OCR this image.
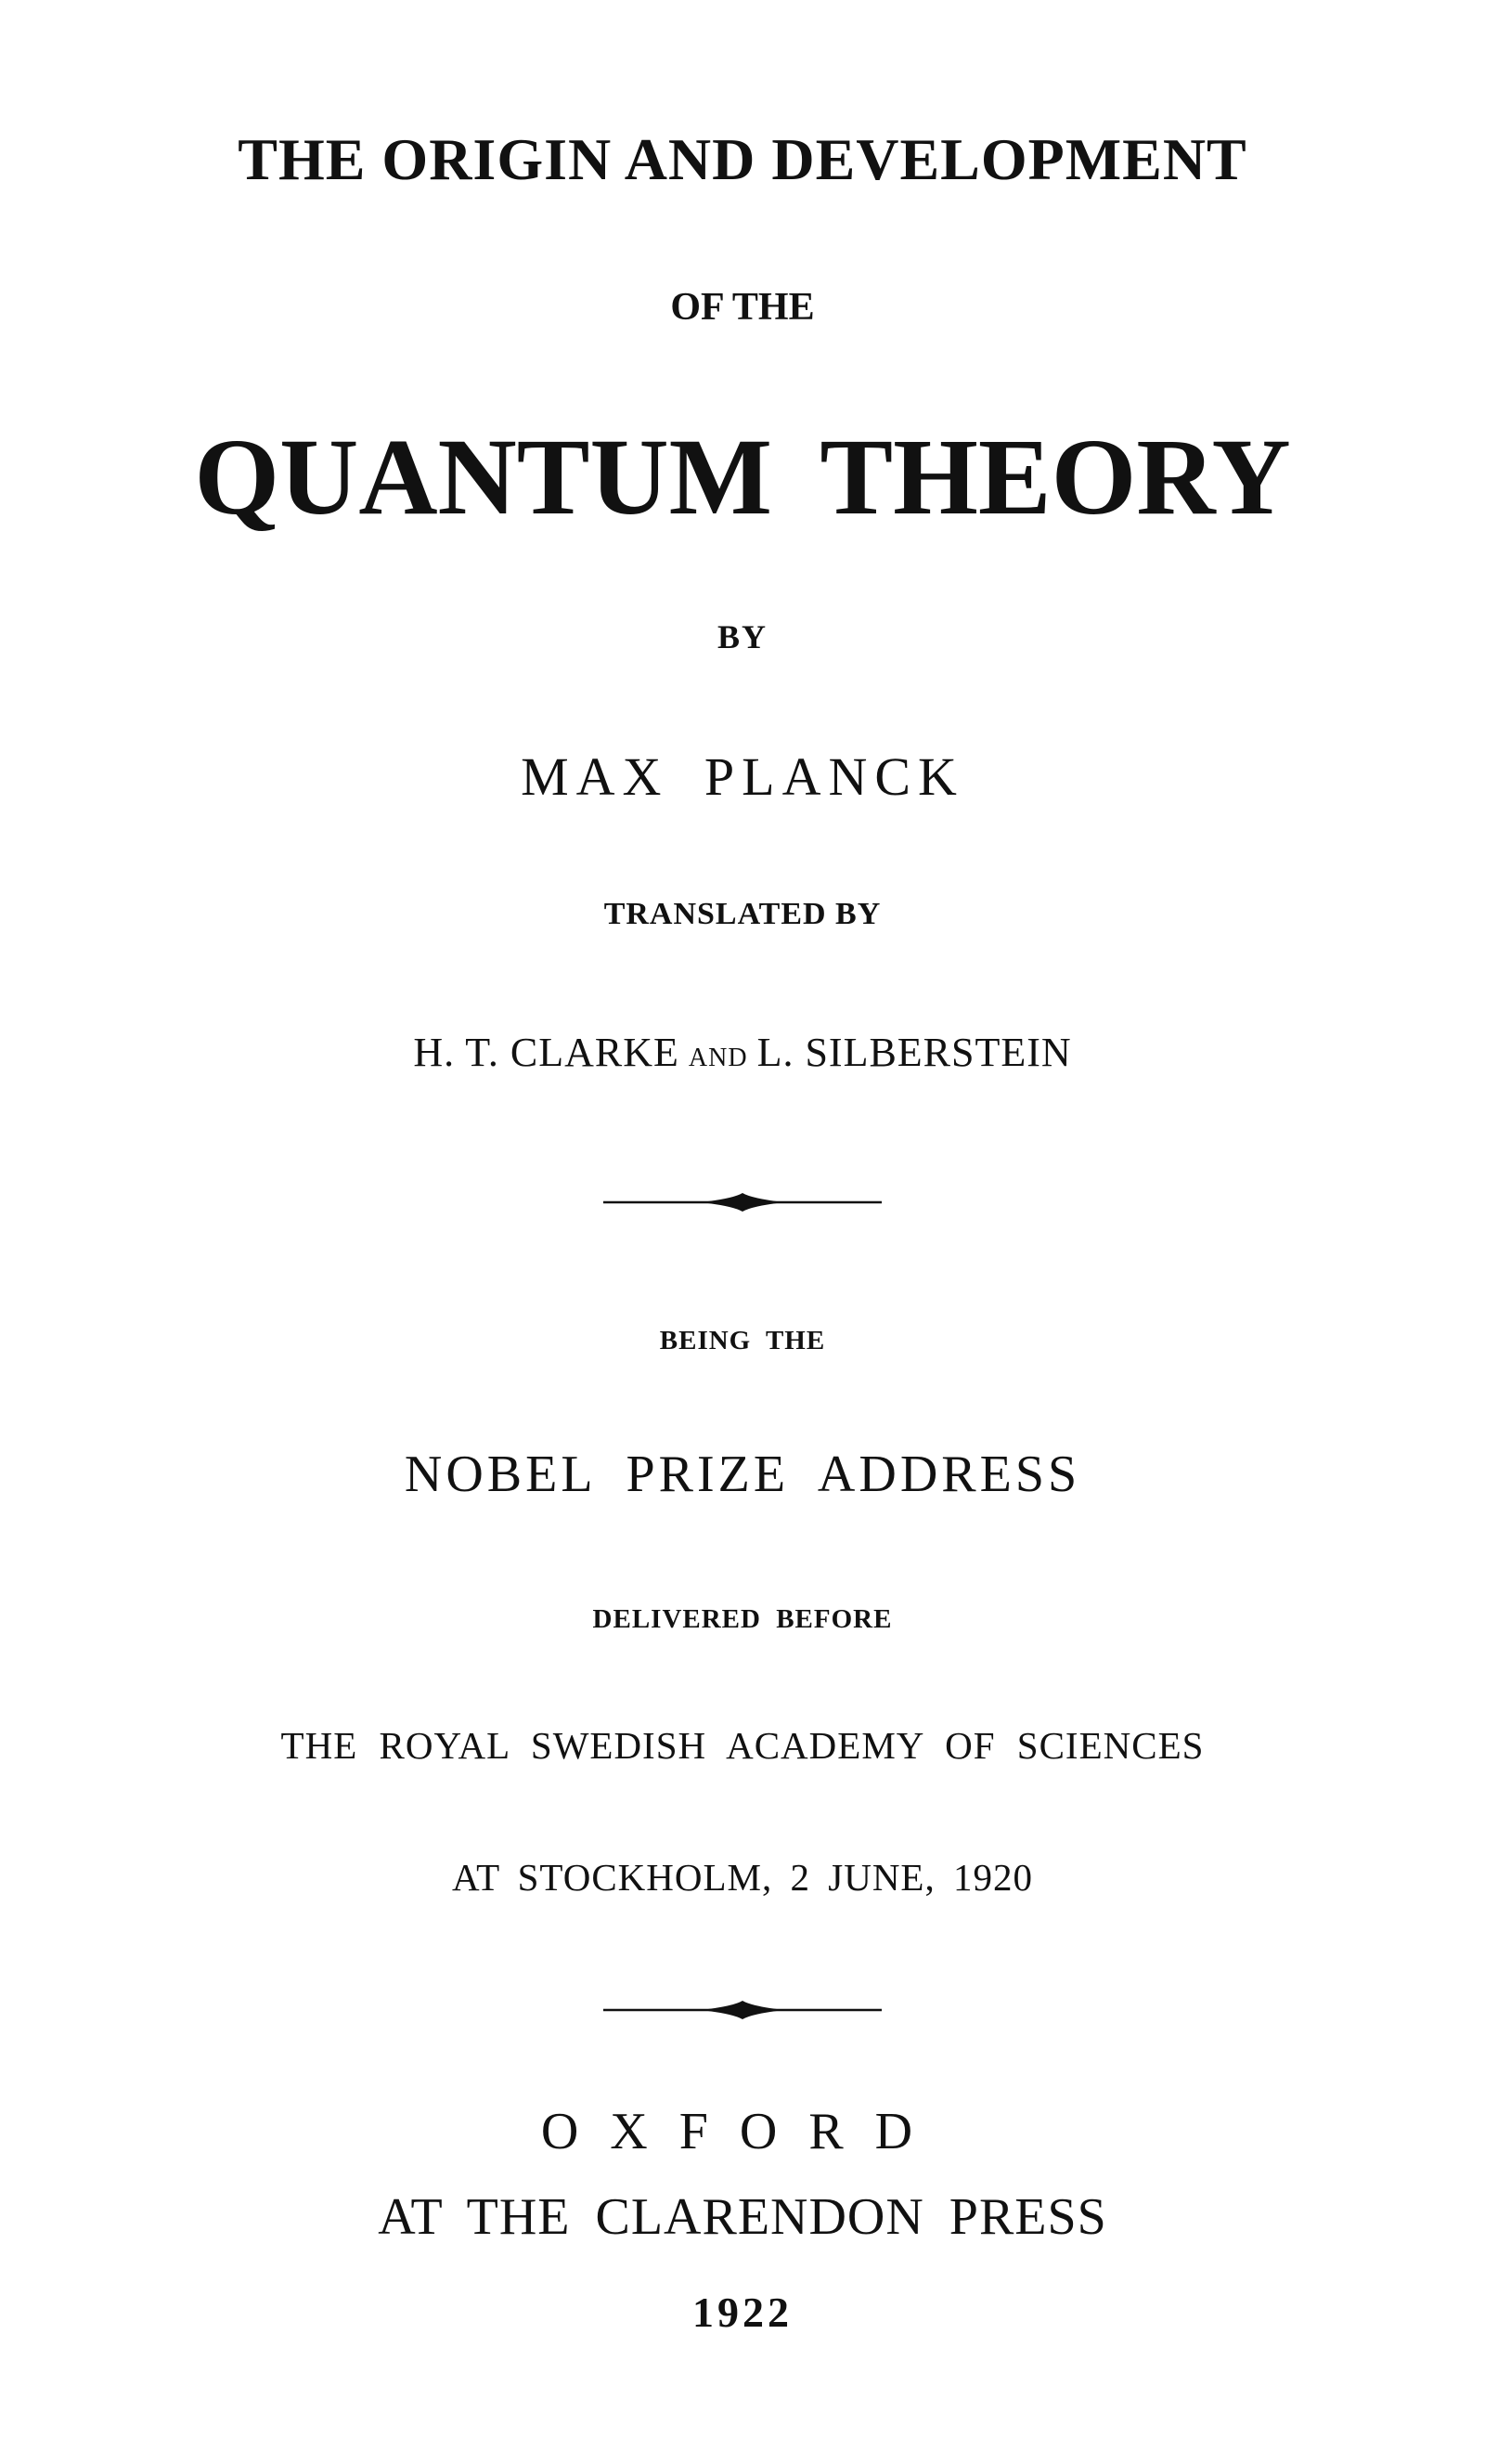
THE ORIGIN AND DEVELOPMENT
OF THE
QUANTUM THEORY
BY
MAX PLANCK
TRANSLATED BY
H. T. CLARKE AND L. SILBERSTEIN
BEING THE
NOBEL PRIZE ADDRESS
DELIVERED BEFORE
THE ROYAL SWEDISH ACADEMY OF SCIENCES
AT STOCKHOLM, 2 JUNE, 1920
OXFORD
AT THE CLARENDON PRESS
1922
